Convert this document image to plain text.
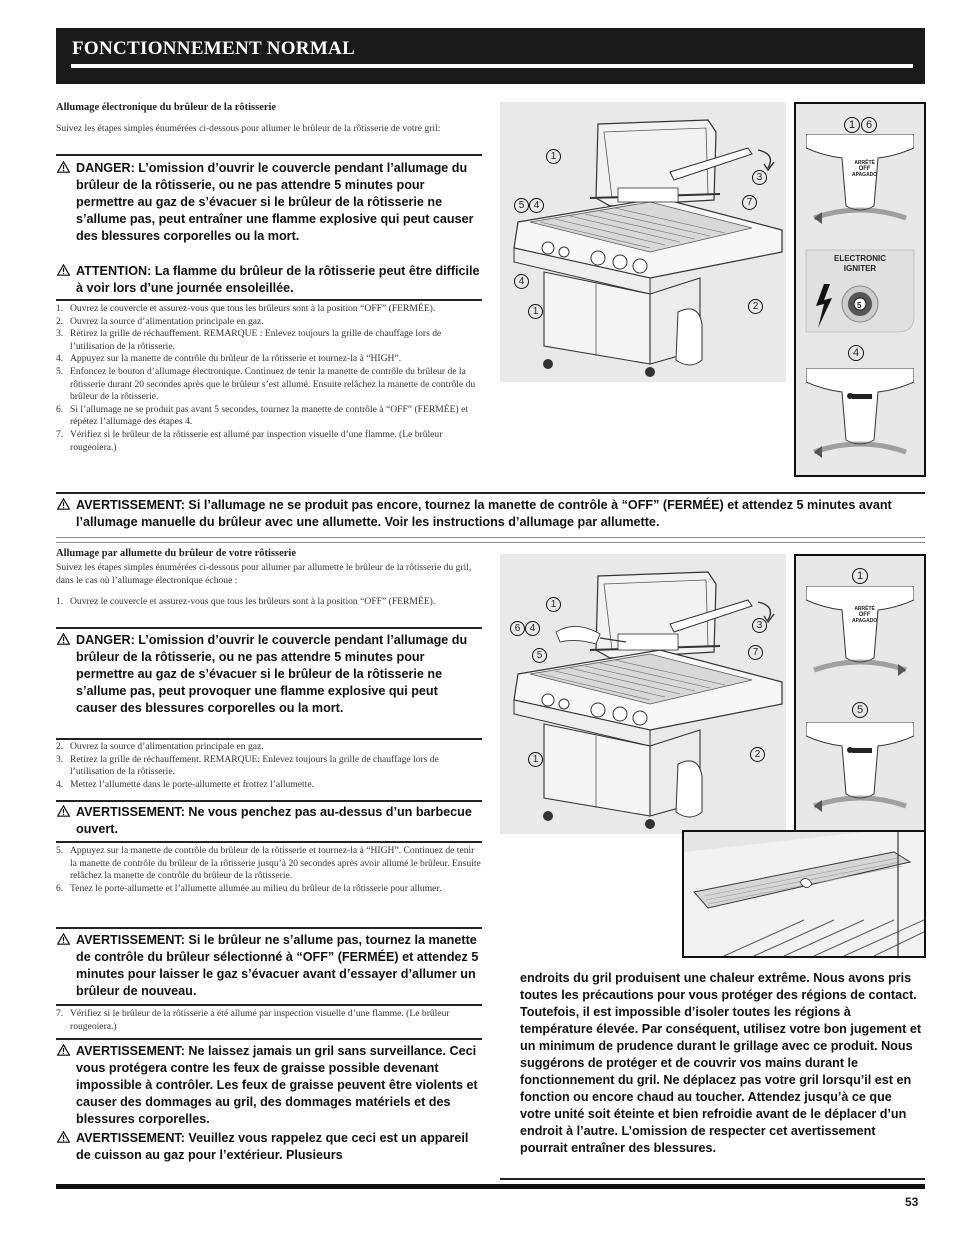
FONCTIONNEMENT NORMAL
Allumage électronique du brûleur de la rôtisserie
Suivez les étapes simples énumérées ci-dessous pour allumer le brûleur de la rôtisserie de votre gril:
DANGER: L’omission d’ouvrir le couvercle pendant l’allumage du brûleur de la rôtisserie, ou ne pas attendre 5 minutes pour permettre au gaz de s’évacuer si le brûleur de la rôtisserie ne s’allume pas, peut entraîner une flamme explosive qui peut causer des blessures corporelles ou la mort.
ATTENTION: La flamme du brûleur de la rôtisserie peut être difficile à voir lors d’une journée ensoleillée.
1. Ouvrez le couvercle et assurez-vous que tous les brûleurs sont à la position “OFF” (FERMÉE).
2. Ouvrez la source d’alimentation principale en gaz.
3. Retirez la grille de réchauffement. REMARQUE : Enlevez toujours la grille de chauffage lors de l’utilisation de la rôtisserie.
4. Appuyez sur la manette de contrôle du brûleur de la rôtisserie et tournez-la à “HIGH”.
5. Enfoncez le bouton d’allumage électronique. Continuez de tenir la manette de contrôle du brûleur de la rôtisserie durant 20 secondes après que le brûleur s’est allumé. Ensuite relâchez la manette de contrôle du brûleur de la rôtisserie.
6. Si l’allumage ne se produit pas avant 5 secondes, tournez la manette de contrôle à “OFF” (FERMÉE) et répétez l’allumage des étapes 4.
7. Vérifiez si le brûleur de la rôtisserie est allumé par inspection visuelle d’une flamme. (Le brûleur rougeoiera.)
AVERTISSEMENT: Si l’allumage ne se produit pas encore, tournez la manette de contrôle à “OFF” (FERMÉE) et attendez 5 minutes avant l’allumage manuelle du brûleur avec une allumette. Voir les instructions d’allumage par allumette.
1
5 4
4
1
3
7
2
1 6
ARRÊTÉ
OFF
APAGADO
ELECTRONIC
IGNITER
5
4
Allumage par allumette du brûleur de votre rôtisserie
Suivez les étapes simples énumérées ci-dessous pour allumer par allumette le brûleur de la rôtisserie du gril, dans le cas où l’allumage électronique échoue :
1. Ouvrez le couvercle et assurez-vous que tous les brûleurs sont à la position “OFF” (FERMÉE).
DANGER: L’omission d’ouvrir le couvercle pendant l’allumage du brûleur de la rôtisserie, ou ne pas attendre 5 minutes pour permettre au gaz de s’évacuer si le brûleur de la rôtisserie ne s’allume pas, peut provoquer une flamme explosive qui peut causer des blessures corporelles ou la mort.
2. Ouvrez la source d’alimentation principale en gaz.
3. Retirez la grille de réchauffement. REMARQUE: Enlevez toujours la grille de chauffage lors de l’utilisation de la rôtisserie.
4. Mettez l’allumette dans le porte-allumette et frottez l’allumette.
AVERTISSEMENT: Ne vous penchez pas au-dessus d’un barbecue ouvert.
5. Appuyez sur la manette de contrôle du brûleur de la rôtisserie et tournez-la à “HIGH”. Continuez de tenir la manette de contrôle du brûleur de la rôtisserie jusqu’à 20 secondes après avoir allumé le brûleur. Ensuite relâchez la manette de contrôle du brûleur de la rôtisserie.
6. Tenez le porte-allumette et l’allumette allumée au milieu du brûleur de la rôtisserie pour allumer.
AVERTISSEMENT: Si le brûleur ne s’allume pas, tournez la manette de contrôle du brûleur sélectionné à “OFF” (FERMÉE) et attendez 5 minutes pour laisser le gaz s’évacuer avant d’essayer d’allumer un brûleur de nouveau.
7. Vérifiez si le brûleur de la rôtisserie a été allumé par inspection visuelle d’une flamme. (Le brûleur rougeoiera.)
AVERTISSEMENT: Ne laissez jamais un gril sans surveillance. Ceci vous protégera contre les feux de graisse possible devenant impossible à contrôler. Les feux de graisse peuvent être violents et causer des dommages au gril, des dommages matériels et des blessures corporelles.
AVERTISSEMENT: Veuillez vous rappelez que ceci est un appareil de cuisson au gaz pour l’extérieur. Plusieurs
1
6 4
5
1
3
7
2
1
ARRÊTÉ
OFF
APAGADO
5
endroits du gril produisent une chaleur extrême. Nous avons pris toutes les précautions pour vous protéger des régions de contact. Toutefois, il est impossible d’isoler toutes les régions à température élevée. Par conséquent, utilisez votre bon jugement et un minimum de prudence durant le grillage avec ce produit. Nous suggérons de protéger et de couvrir vos mains durant le fonctionnement du gril. Ne déplacez pas votre gril lorsqu’il est en fonction ou encore chaud au toucher. Attendez jusqu’à ce que votre unité soit éteinte et bien refroidie avant de le déplacer d’un endroit à l’autre. L’omission de respecter cet avertissement pourrait entraîner des blessures.
53
